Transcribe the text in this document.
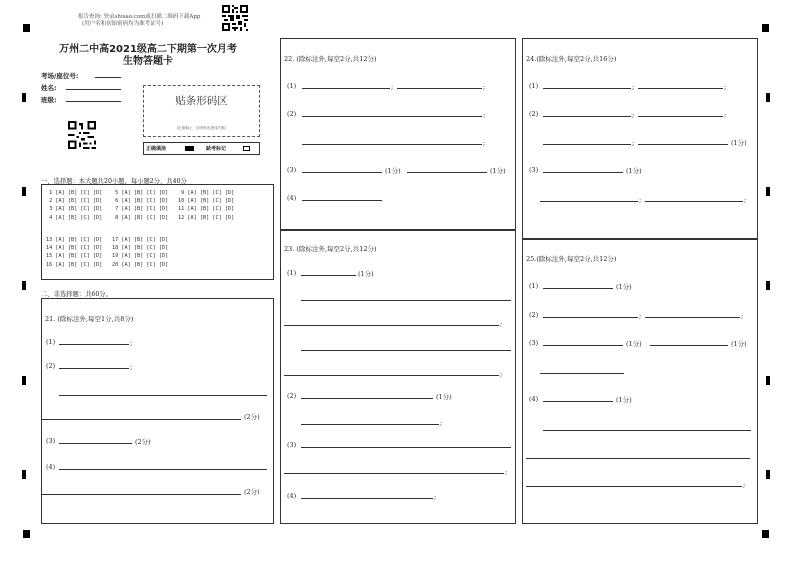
报告查询: 登录shisao.com或扫描二维码下载App
(用户名和初始密码均为准考证号)
万州二中高2021级高二下期第一次月考
生物答题卡
考场/座位号:
姓名:
班级:	贴条形码区
(正面朝上，切勿贴出虚线方框)
正确填涂	缺考标记
一、选择题：本大题共20小题，每小题2分，共40分
1 [A] [B] [C] [D]
2 [A] [B] [C] [D]
3 [A] [B] [C] [D]
4 [A] [B] [C] [D]
5 [A] [B] [C] [D]
6 [A] [B] [C] [D]
7 [A] [B] [C] [D]
8 [A] [B] [C] [D]
9 [A] [B] [C] [D]
10 [A] [B] [C] [D]
11 [A] [B] [C] [D]
12 [A] [B] [C] [D]
13 [A] [B] [C] [D]
14 [A] [B] [C] [D]
15 [A] [B] [C] [D]
16 [A] [B] [C] [D]
17 [A] [B] [C] [D]
18 [A] [B] [C] [D]
19 [A] [B] [C] [D]
20 [A] [B] [C] [D]
二、非选择题：共60分。
21. (除标注外,每空1分,共8分)
(1)	;
(2)	;
(2分)
(3)	(2分)
(4)
(2分)
22. (除标注外,每空2分,共12分)
(1)	;	;
(2)	;
;
(3)	(1分)	(1分)
(4)
23. (除标注外,每空2分,共12分)
(1)	(1分)
;
;
(2)	(1分)
;
(3)
;
(4)	;
24.(除标注外,每空2分,共16分)
(1)	;	;
(2)	;	;
;	(1分)
(3)	(1分)
;	;
25.(除标注外,每空2分,共12分)
(1)	(1分)
(2)	;	;
(3)	(1分)	(1分)
(4)	(1分)
;
